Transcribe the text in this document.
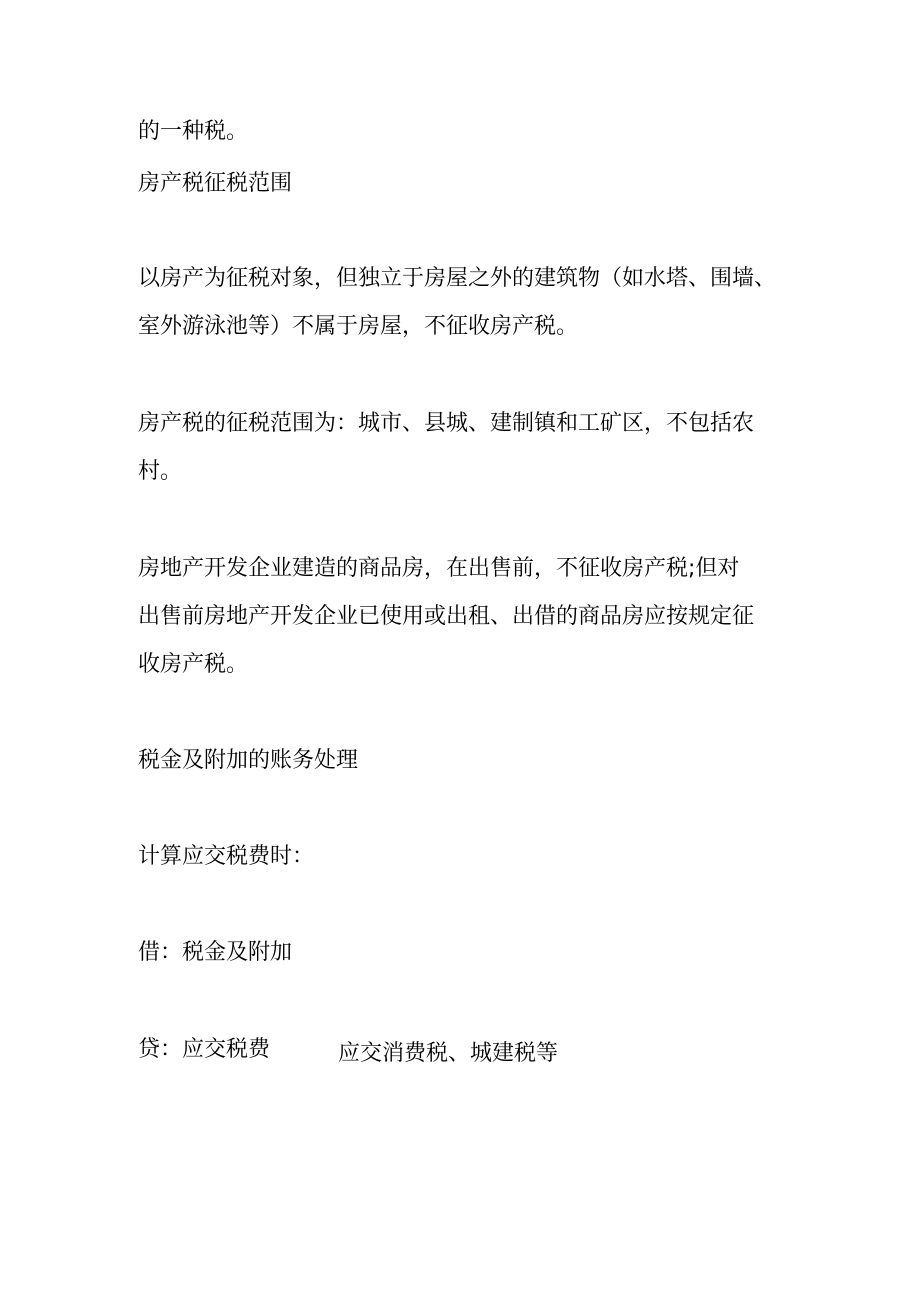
的一种税。

房产税征税范围

以房产为征税对象，但独立于房屋之外的建筑物（如水塔、围墙、

室外游泳池等）不属于房屋，不征收房产税。

房产税的征税范围为：城市、县城、建制镇和工矿区，不包括农

村。

房地产开发企业建造的商品房，在出售前，不征收房产税;但对

出售前房地产开发企业已使用或出租、出借的商品房应按规定征

收房产税。

税金及附加的账务处理

计算应交税费时：

借：税金及附加

贷：应交税费	应交消费税、城建税等
